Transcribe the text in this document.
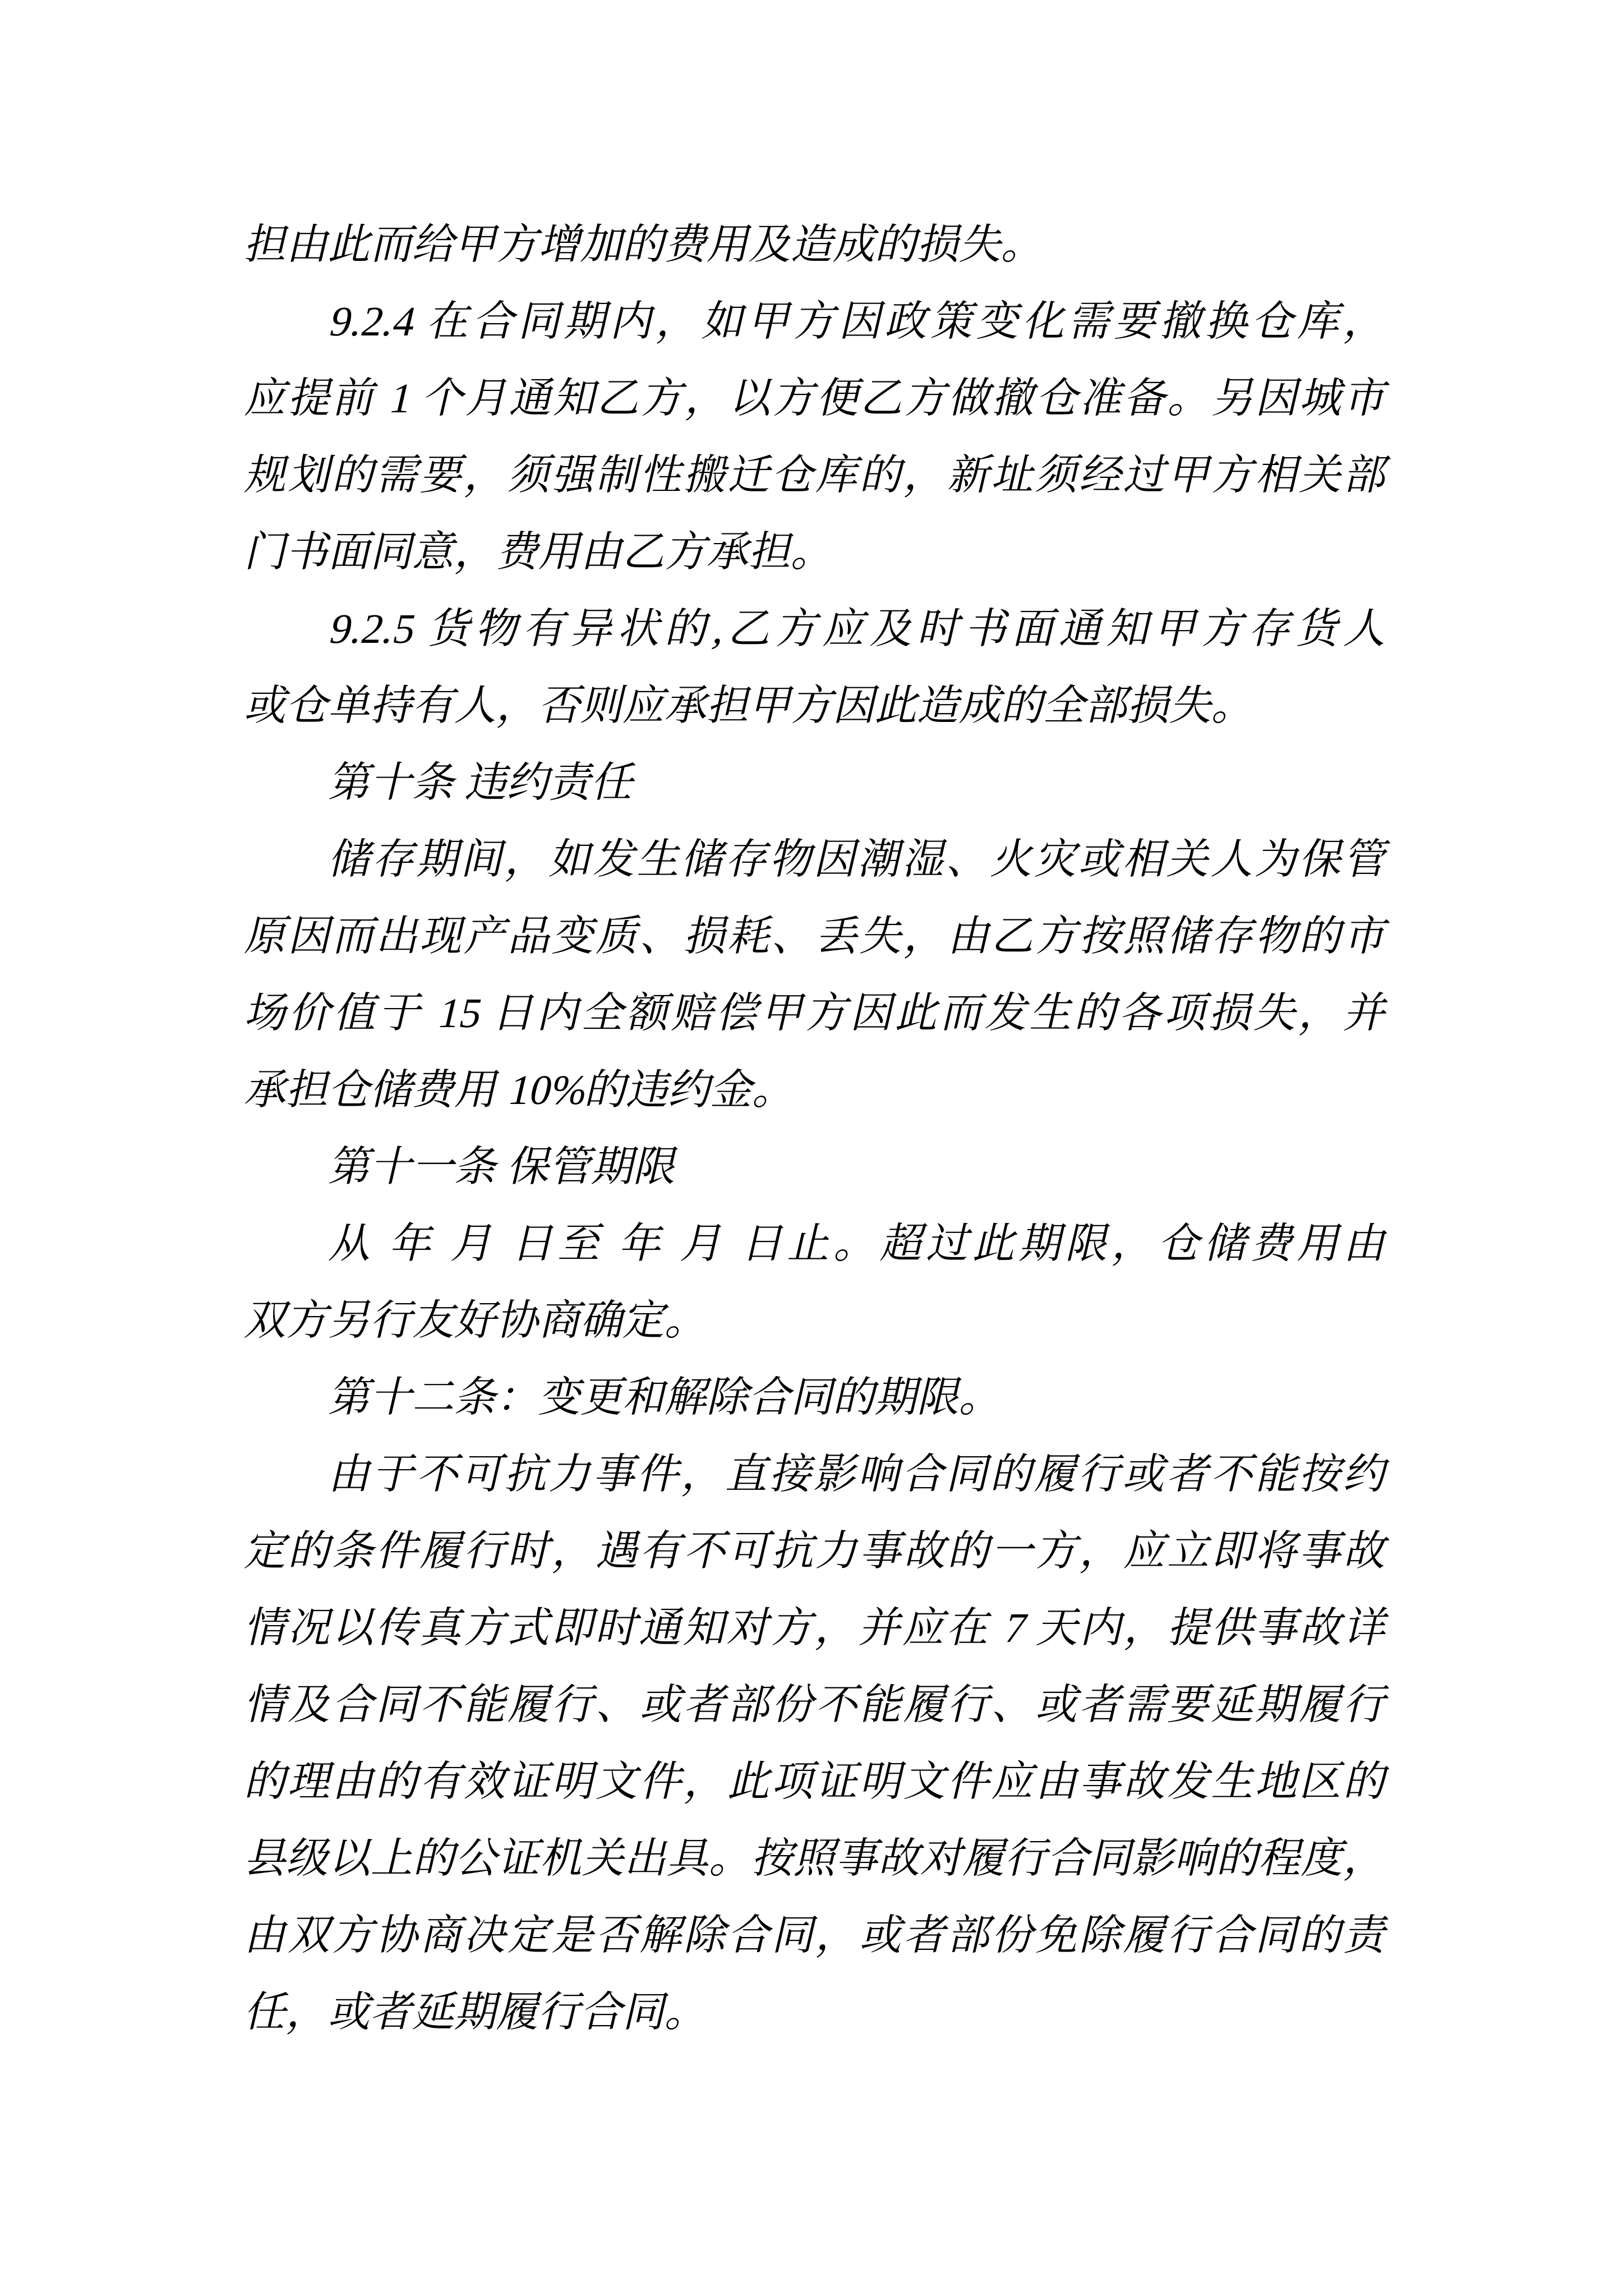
担由此而给甲方增加的费用及造成的损失。
9.2.4 在合同期内，如甲方因政策变化需要撤换仓库，
应提前 1 个月通知乙方，以方便乙方做撤仓准备。另因城市
规划的需要，须强制性搬迁仓库的，新址须经过甲方相关部
门书面同意，费用由乙方承担。
9.2.5 货物有异状的,乙方应及时书面通知甲方存货人
或仓单持有人，否则应承担甲方因此造成的全部损失。
第十条 违约责任
储存期间，如发生储存物因潮湿、火灾或相关人为保管
原因而出现产品变质、损耗、丢失，由乙方按照储存物的市
场价值于 15 日内全额赔偿甲方因此而发生的各项损失，并
承担仓储费用 10%的违约金。
第十一条 保管期限
从 年 月 日至 年 月 日止。超过此期限，仓储费用由
双方另行友好协商确定。
第十二条：变更和解除合同的期限。
由于不可抗力事件，直接影响合同的履行或者不能按约
定的条件履行时，遇有不可抗力事故的一方，应立即将事故
情况以传真方式即时通知对方，并应在 7 天内，提供事故详
情及合同不能履行、或者部份不能履行、或者需要延期履行
的理由的有效证明文件，此项证明文件应由事故发生地区的
县级以上的公证机关出具。按照事故对履行合同影响的程度，
由双方协商决定是否解除合同，或者部份免除履行合同的责
任，或者延期履行合同。
